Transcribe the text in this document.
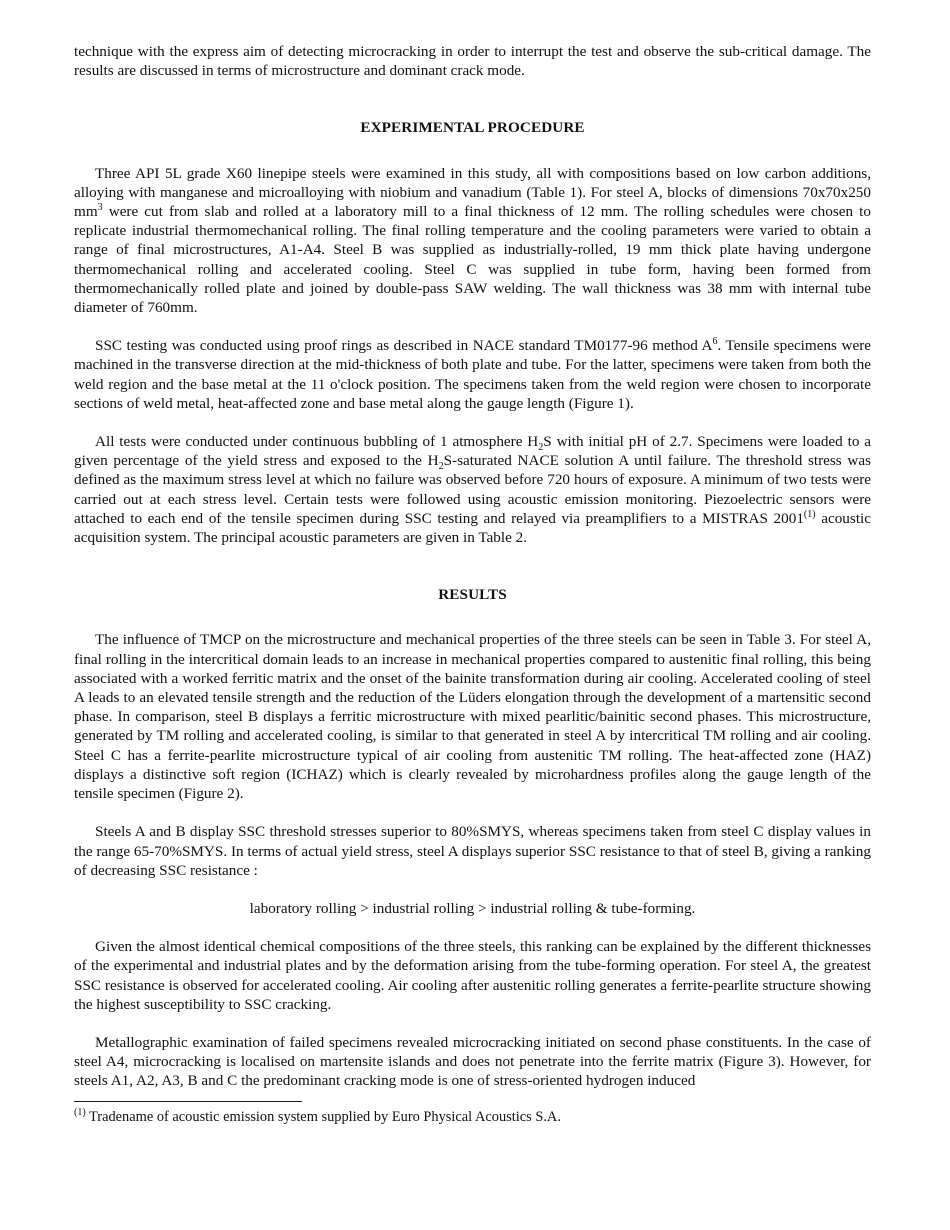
technique with the express aim of detecting microcracking in order to interrupt the test and observe the sub-critical damage. The results are discussed in terms of microstructure and dominant crack mode.

EXPERIMENTAL PROCEDURE

Three API 5L grade X60 linepipe steels were examined in this study, all with compositions based on low carbon additions, alloying with manganese and microalloying with niobium and vanadium (Table 1). For steel A, blocks of dimensions 70x70x250 $mm^3$ were cut from slab and rolled at a laboratory mill to a final thickness of 12 mm. The rolling schedules were chosen to replicate industrial thermomechanical rolling. The final rolling temperature and the cooling parameters were varied to obtain a range of final microstructures, A1-A4. Steel B was supplied as industrially-rolled, 19 mm thick plate having undergone thermomechanical rolling and accelerated cooling. Steel C was supplied in tube form, having been formed from thermomechanically rolled plate and joined by double-pass SAW welding. The wall thickness was 38 mm with internal tube diameter of 760mm.

SSC testing was conducted using proof rings as described in NACE standard TM0177-96 method $A^6$. Tensile specimens were machined in the transverse direction at the mid-thickness of both plate and tube. For the latter, specimens were taken from both the weld region and the base metal at the 11 o'clock position. The specimens taken from the weld region were chosen to incorporate sections of weld metal, heat-affected zone and base metal along the gauge length (Figure 1).

All tests were conducted under continuous bubbling of 1 atmosphere $H_2S$ with initial pH of 2.7. Specimens were loaded to a given percentage of the yield stress and exposed to the $H_2S$-saturated NACE solution A until failure. The threshold stress was defined as the maximum stress level at which no failure was observed before 720 hours of exposure. A minimum of two tests were carried out at each stress level. Certain tests were followed using acoustic emission monitoring. Piezoelectric sensors were attached to each end of the tensile specimen during SSC testing and relayed via preamplifiers to a MISTRAS 2001$^{(1)}$ acoustic acquisition system. The principal acoustic parameters are given in Table 2.

RESULTS

The influence of TMCP on the microstructure and mechanical properties of the three steels can be seen in Table 3. For steel A, final rolling in the intercritical domain leads to an increase in mechanical properties compared to austenitic final rolling, this being associated with a worked ferritic matrix and the onset of the bainite transformation during air cooling. Accelerated cooling of steel A leads to an elevated tensile strength and the reduction of the Lüders elongation through the development of a martensitic second phase. In comparison, steel B displays a ferritic microstructure with mixed pearlitic/bainitic second phases. This microstructure, generated by TM rolling and accelerated cooling, is similar to that generated in steel A by intercritical TM rolling and air cooling. Steel C has a ferrite-pearlite microstructure typical of air cooling from austenitic TM rolling. The heat-affected zone (HAZ) displays a distinctive soft region (ICHAZ) which is clearly revealed by microhardness profiles along the gauge length of the tensile specimen (Figure 2).

Steels A and B display SSC threshold stresses superior to 80%SMYS, whereas specimens taken from steel C display values in the range 65-70%SMYS. In terms of actual yield stress, steel A displays superior SSC resistance to that of steel B, giving a ranking of decreasing SSC resistance :

laboratory rolling > industrial rolling > industrial rolling & tube-forming.

Given the almost identical chemical compositions of the three steels, this ranking can be explained by the different thicknesses of the experimental and industrial plates and by the deformation arising from the tube-forming operation. For steel A, the greatest SSC resistance is observed for accelerated cooling. Air cooling after austenitic rolling generates a ferrite-pearlite structure showing the highest susceptibility to SSC cracking.

Metallographic examination of failed specimens revealed microcracking initiated on second phase constituents. In the case of steel A4, microcracking is localised on martensite islands and does not penetrate into the ferrite matrix (Figure 3). However, for steels A1, A2, A3, B and C the predominant cracking mode is one of stress-oriented hydrogen induced

$^{(1)}$ Tradename of acoustic emission system supplied by Euro Physical Acoustics S.A.
